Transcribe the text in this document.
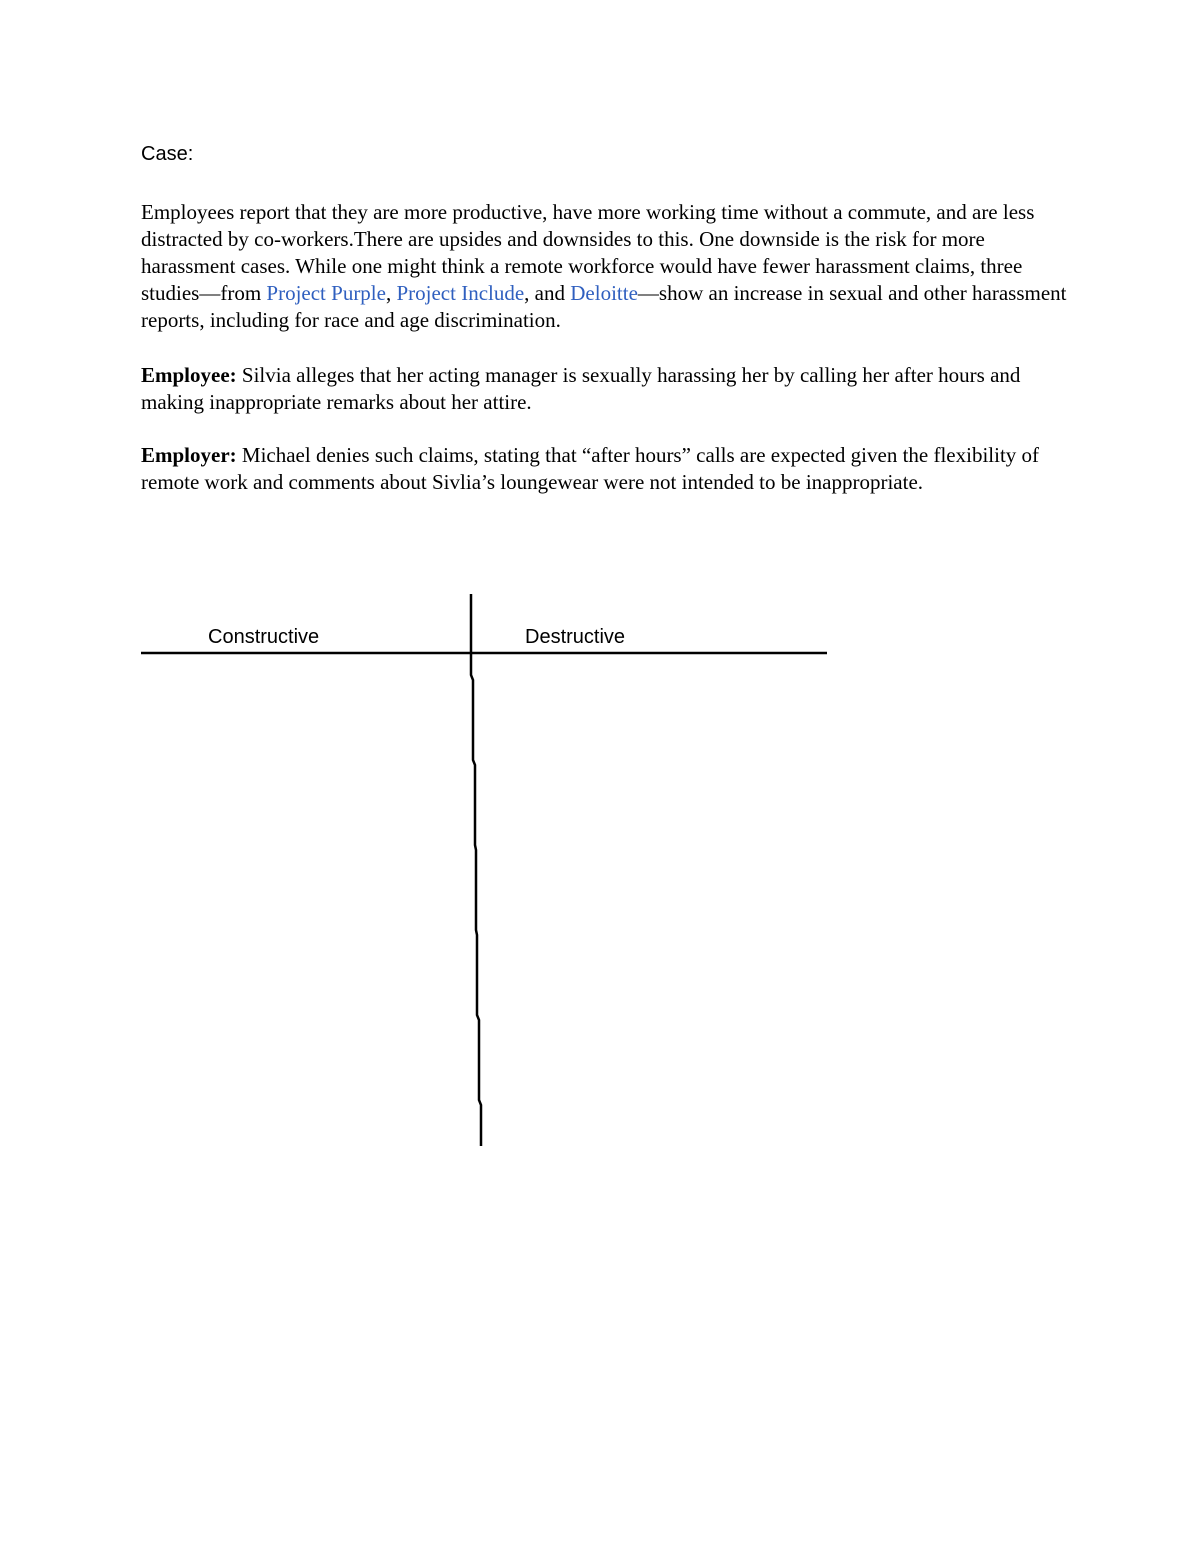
Case:

Employees report that they are more productive, have more working time without a commute, and are less distracted by co-workers.There are upsides and downsides to this. One downside is the risk for more harassment cases. While one might think a remote workforce would have fewer harassment claims, three studies—from Project Purple, Project Include, and Deloitte—show an increase in sexual and other harassment reports, including for race and age discrimination.

Employee: Silvia alleges that her acting manager is sexually harassing her by calling her after hours and making inappropriate remarks about her attire.

Employer: Michael denies such claims, stating that “after hours” calls are expected given the flexibility of remote work and comments about Sivlia’s loungewear were not intended to be inappropriate.

Constructive	Destructive
